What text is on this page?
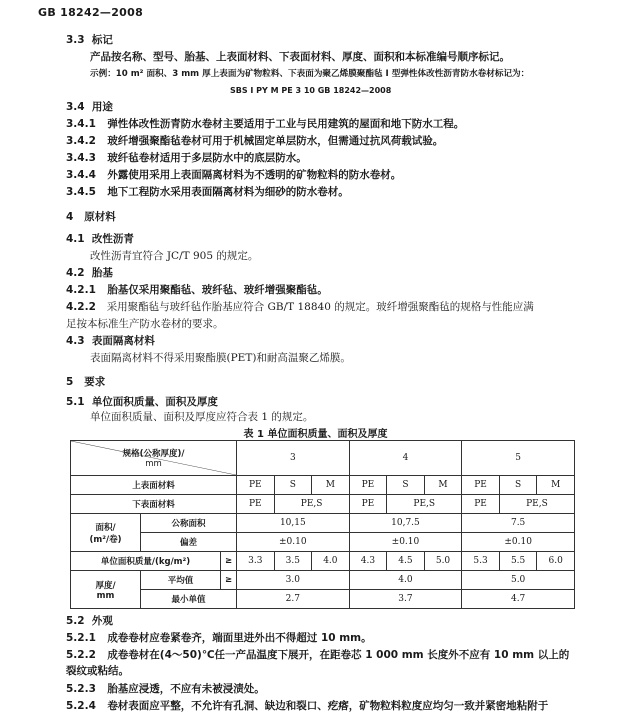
GB 18242—2008
3.3 标记
产品按名称、型号、胎基、上表面材料、下表面材料、厚度、面积和本标准编号顺序标记。
示例：10 m² 面积、3 mm 厚上表面为矿物粒料、下表面为聚乙烯膜聚酯毡 I 型弹性体改性沥青防水卷材标记为：
SBS I PY M PE 3 10 GB 18242—2008
3.4 用途
3.4.1 弹性体改性沥青防水卷材主要适用于工业与民用建筑的屋面和地下防水工程。
3.4.2 玻纤增强聚酯毡卷材可用于机械固定单层防水，但需通过抗风荷载试验。
3.4.3 玻纤毡卷材适用于多层防水中的底层防水。
3.4.4 外露使用采用上表面隔离材料为不透明的矿物粒料的防水卷材。
3.4.5 地下工程防水采用表面隔离材料为细砂的防水卷材。
4 原材料
4.1 改性沥青
改性沥青宜符合 JC/T 905 的规定。
4.2 胎基
4.2.1 胎基仅采用聚酯毡、玻纤毡、玻纤增强聚酯毡。
4.2.2 采用聚酯毡与玻纤毡作胎基应符合 GB/T 18840 的规定。玻纤增强聚酯毡的规格与性能应满
足按本标准生产防水卷材的要求。
4.3 表面隔离材料
表面隔离材料不得采用聚酯膜(PET)和耐高温聚乙烯膜。
5 要求
5.1 单位面积质量、面积及厚度
单位面积质量、面积及厚度应符合表 1 的规定。
表 1 单位面积质量、面积及厚度
规格(公称厚度)/
mm			3			4			5		
上表面材料			PE	S	M	PE	S	M	PE	S	M
下表面材料			PE	PE,S		PE	PE,S		PE	PE,S	

面积/
(m²/卷)	公称面积		10,15			10,7.5			7.5		
	偏差		±0.10			±0.10			±0.10		
单位面积质量/(kg/m²)		≥	3.3	3.5	4.0	4.3	4.5	5.0	5.3	5.5	6.0

厚度/
mm	平均值	≥	3.0			4.0			5.0		
	最小单值		2.7			3.7			4.7		
5.2 外观
5.2.1 成卷卷材应卷紧卷齐，端面里进外出不得超过 10 mm。
5.2.2 成卷卷材在(4～50)℃任一产品温度下展开，在距卷芯 1 000 mm 长度外不应有 10 mm 以上的
裂纹或粘结。
5.2.3 胎基应浸透，不应有未被浸渍处。
5.2.4 卷材表面应平整，不允许有孔洞、缺边和裂口、疙瘩，矿物粒料粒度应均匀一致并紧密地粘附于
